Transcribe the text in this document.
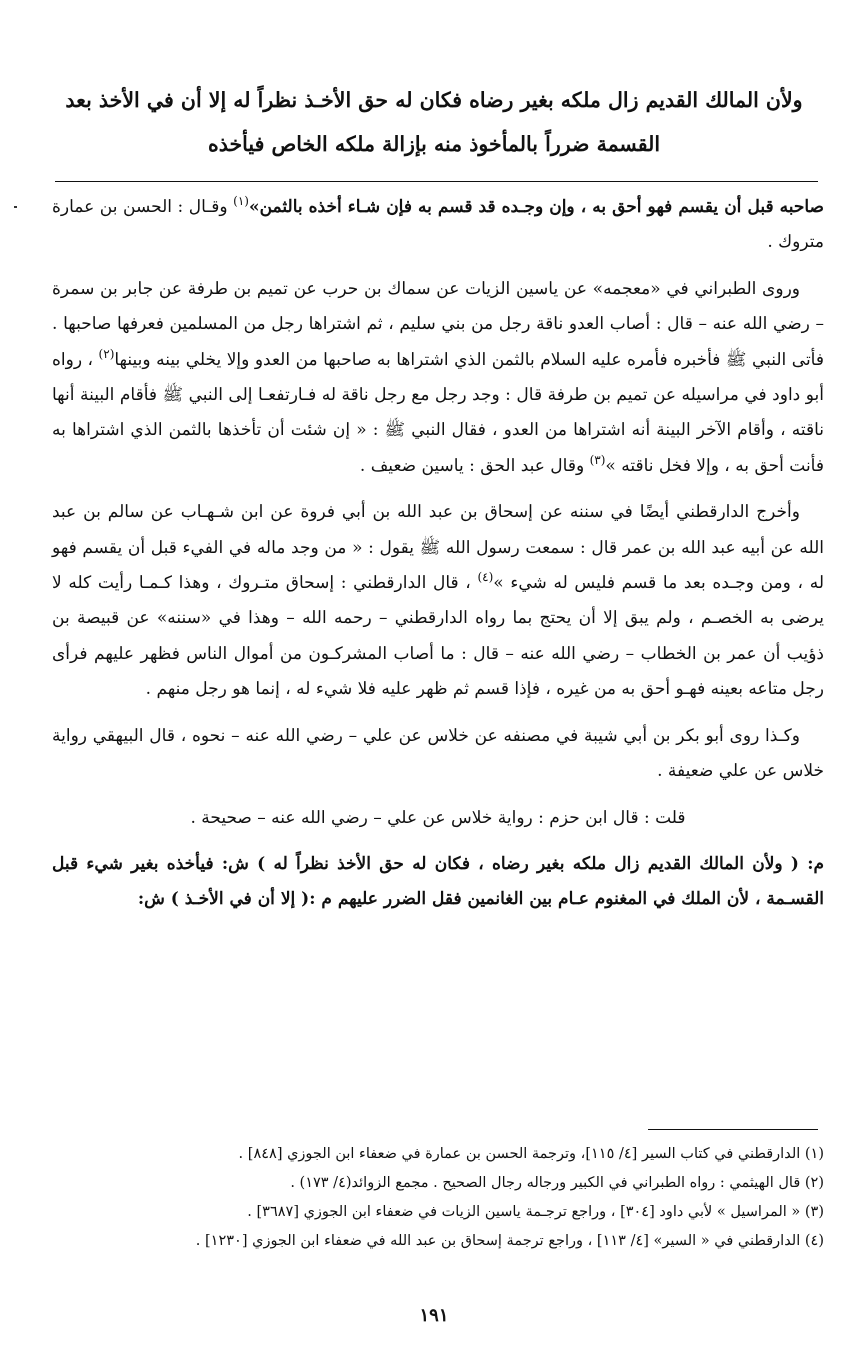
ولأن المالك القديم زال ملكه بغير رضاه فكان له حق الأخـذ نظراً له إلا أن في الأخذ بعد القسمة ضرراً بالمأخوذ منه بإزالة ملكه الخاص فيأخذه

صاحبه قبل أن يقسم فهو أحق به ، وإن وجـده قد قسم به فإن شـاء أخذه بالثمن»$^{(١)}$ وقـال : الحسن بن عمارة متروك .

وروى الطبراني في «معجمه» عن ياسين الزيات عن سماك بن حرب عن تميم بن طرفة عن جابر بن سمرة – رضي الله عنه – قال : أصاب العدو ناقة رجل من بني سليم ، ثم اشتراها رجل من المسلمين فعرفها صاحبها . فأتى النبي ﷺ فأخبره فأمره عليه السلام بالثمن الذي اشتراها به صاحبها من العدو وإلا يخلي بينه وبينها$^{(٢)}$ ، رواه أبو داود في مراسيله عن تميم بن طرفة قال : وجد رجل مع رجل ناقة له فـارتفعـا إلى النبي ﷺ فأقام البينة أنها ناقته ، وأقام الآخر البينة أنه اشتراها من العدو ، فقال النبي ﷺ : « إن شئت أن تأخذها بالثمن الذي اشتراها به فأنت أحق به ، وإلا فخل ناقته »$^{(٣)}$ وقال عبد الحق : ياسين ضعيف .

وأخرج الدارقطني أيضًا في سننه عن إسحاق بن عبد الله بن أبي فروة عن ابن شـهـاب عن سالم بن عبد الله عن أبيه عبد الله بن عمر قال : سمعت رسول الله ﷺ يقول : « من وجد ماله في الفيء قبل أن يقسم فهو له ، ومن وجـده بعد ما قسم فليس له شيء »$^{(٤)}$ ، قال الدارقطني : إسحاق متـروك ، وهذا كـمـا رأيت كله لا يرضى به الخصـم ، ولم يبق إلا أن يحتج بما رواه الدارقطني – رحمه الله – وهذا في «سننه» عن قبيصة بن ذؤيب أن عمر بن الخطاب – رضي الله عنه – قال : ما أصاب المشركـون من أموال الناس فظهر عليهم فرأى رجل متاعه بعينه فهـو أحق به من غيره ، فإذا قسم ثم ظهر عليه فلا شيء له ، إنما هو رجل منهم .

وكـذا روى أبو بكر بن أبي شيبة في مصنفه عن خلاس عن علي – رضي الله عنه – نحوه ، قال البيهقي رواية خلاس عن علي ضعيفة .

قلت : قال ابن حزم : رواية خلاس عن علي – رضي الله عنه – صحيحة .

م: ( ولأن المالك القديم زال ملكه بغير رضاه ، فكان له حق الأخذ نظراً له ) ش: فيأخذه بغير شيء قبل القسـمة ، لأن الملك في المغنوم عـام بين الغانمين فقل الضرر عليهم م :( إلا أن في الأخـذ ) ش:

(١) الدارقطني في كتاب السير [٤/ ١١٥]، وترجمة الحسن بن عمارة في ضعفاء ابن الجوزي [٨٤٨] .
(٢) قال الهيثمي : رواه الطبراني في الكبير ورجاله رجال الصحيح . مجمع الزوائد(٤/ ١٧٣) .
(٣) « المراسيل » لأبي داود [٣٠٤] ، وراجع ترجـمة ياسين الزيات في ضعفاء ابن الجوزي [٣٦٨٧] .
(٤) الدارقطني في « السير» [٤/ ١١٣] ، وراجع ترجمة إسحاق بن عبد الله في ضعفاء ابن الجوزي [١٢٣٠] .
١٩١
